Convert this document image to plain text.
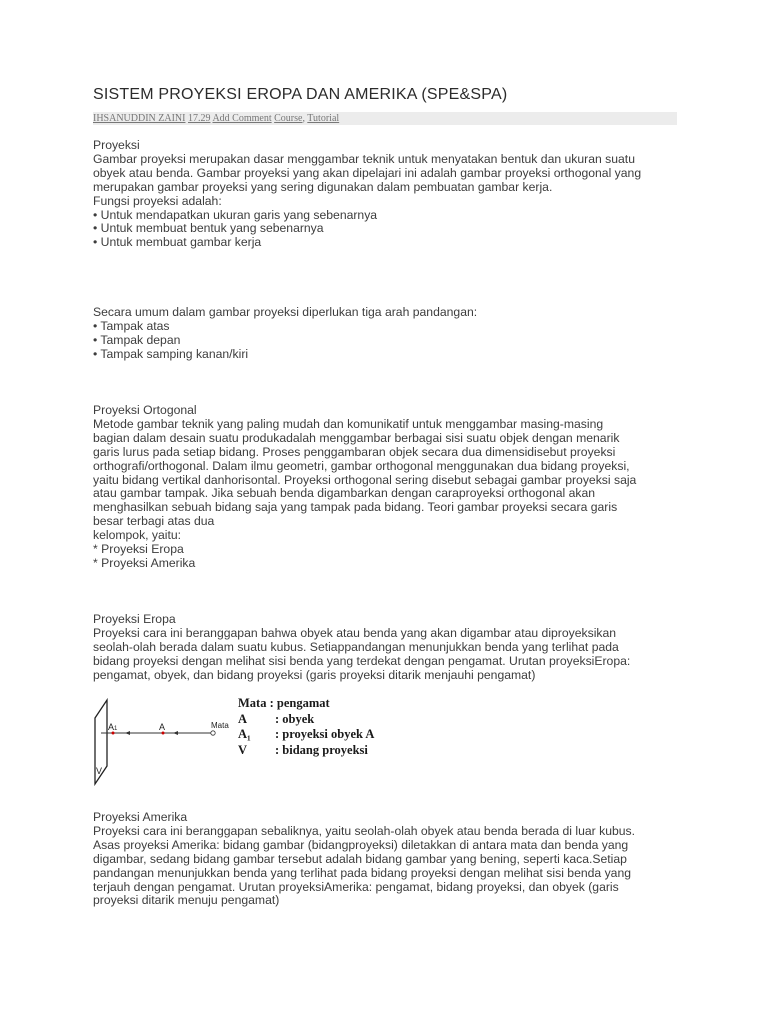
SISTEM PROYEKSI EROPA DAN AMERIKA (SPE&SPA)
IHSANUDDIN ZAINI 17.29 Add Comment Course, Tutorial
Proyeksi
Gambar proyeksi merupakan dasar menggambar teknik untuk menyatakan bentuk dan ukuran suatu
obyek atau benda. Gambar proyeksi yang akan dipelajari ini adalah gambar proyeksi orthogonal yang
merupakan gambar proyeksi yang sering digunakan dalam pembuatan gambar kerja.
Fungsi proyeksi adalah:
• Untuk mendapatkan ukuran garis yang sebenarnya
• Untuk membuat bentuk yang sebenarnya
• Untuk membuat gambar kerja
Secara umum dalam gambar proyeksi diperlukan tiga arah pandangan:
• Tampak atas
• Tampak depan
• Tampak samping kanan/kiri
Proyeksi Ortogonal
Metode gambar teknik yang paling mudah dan komunikatif untuk menggambar masing-masing
bagian dalam desain suatu produkadalah menggambar berbagai sisi suatu objek dengan menarik
garis lurus pada setiap bidang. Proses penggambaran objek secara dua dimensidisebut proyeksi
orthografi/orthogonal. Dalam ilmu geometri, gambar orthogonal menggunakan dua bidang proyeksi,
yaitu bidang vertikal danhorisontal. Proyeksi orthogonal sering disebut sebagai gambar proyeksi saja
atau gambar tampak. Jika sebuah benda digambarkan dengan caraproyeksi orthogonal akan
menghasilkan sebuah bidang saja yang tampak pada bidang. Teori gambar proyeksi secara garis
besar terbagi atas dua
kelompok, yaitu:
* Proyeksi Eropa
* Proyeksi Amerika
Proyeksi Eropa
Proyeksi cara ini beranggapan bahwa obyek atau benda yang akan digambar atau diproyeksikan
seolah-olah berada dalam suatu kubus. Setiappandangan menunjukkan benda yang terlihat pada
bidang proyeksi dengan melihat sisi benda yang terdekat dengan pengamat. Urutan proyeksiEropa:
pengamat, obyek, dan bidang proyeksi (garis proyeksi ditarik menjauhi pengamat)
A1	A	Mata
V
Mata : pengamat
A : obyek
A₁ : proyeksi obyek A
V : bidang proyeksi
Proyeksi Amerika
Proyeksi cara ini beranggapan sebaliknya, yaitu seolah-olah obyek atau benda berada di luar kubus.
Asas proyeksi Amerika: bidang gambar (bidangproyeksi) diletakkan di antara mata dan benda yang
digambar, sedang bidang gambar tersebut adalah bidang gambar yang bening, seperti kaca.Setiap
pandangan menunjukkan benda yang terlihat pada bidang proyeksi dengan melihat sisi benda yang
terjauh dengan pengamat. Urutan proyeksiAmerika: pengamat, bidang proyeksi, dan obyek (garis
proyeksi ditarik menuju pengamat)
